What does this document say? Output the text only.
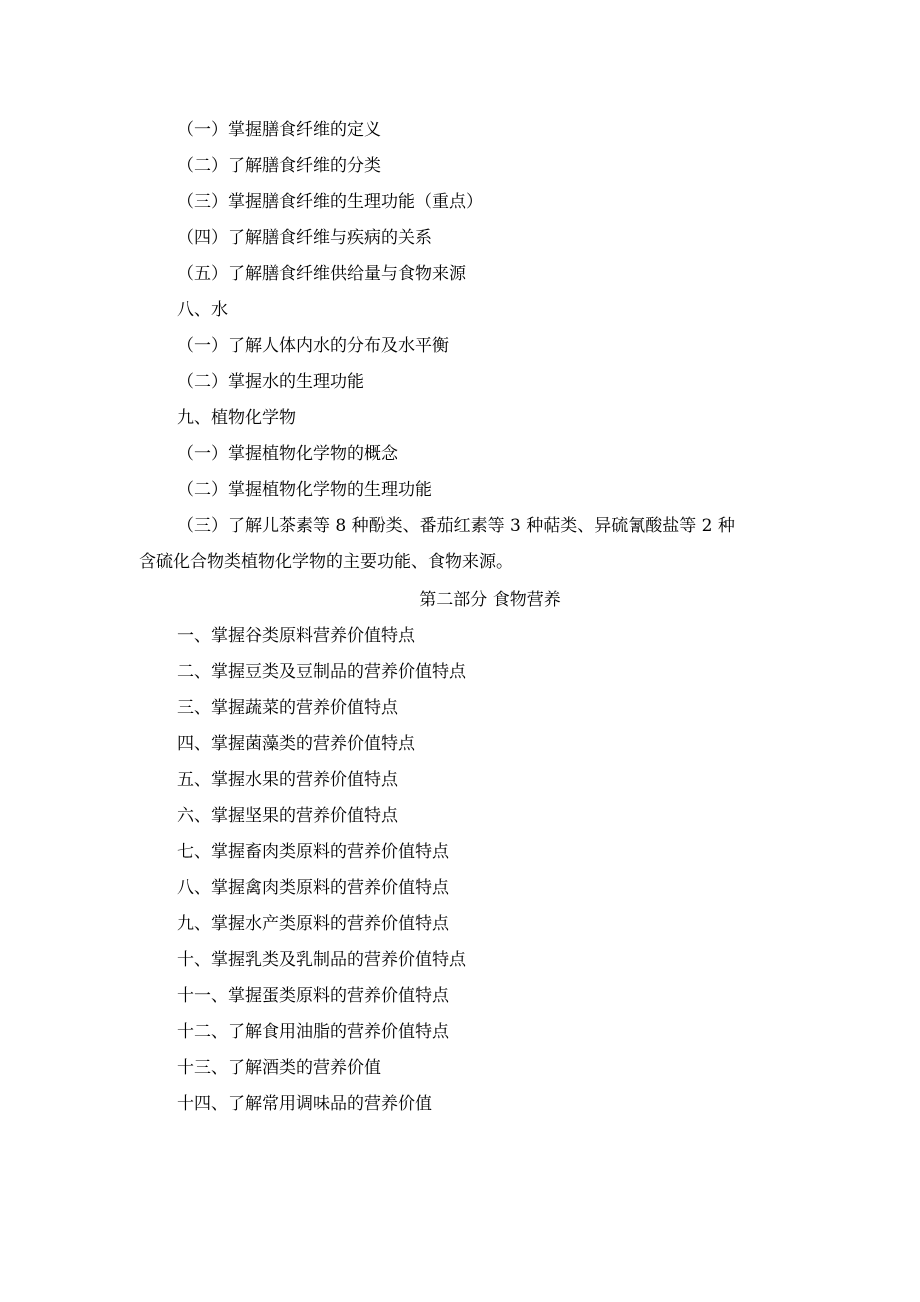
（一）掌握膳食纤维的定义
（二）了解膳食纤维的分类
（三）掌握膳食纤维的生理功能（重点）
（四）了解膳食纤维与疾病的关系
（五）了解膳食纤维供给量与食物来源
八、水
（一）了解人体内水的分布及水平衡
（二）掌握水的生理功能
九、植物化学物
（一）掌握植物化学物的概念
（二）掌握植物化学物的生理功能
（三）了解儿茶素等 8 种酚类、番茄红素等 3 种萜类、异硫氰酸盐等 2 种
含硫化合物类植物化学物的主要功能、食物来源。
第二部分 食物营养
一、掌握谷类原料营养价值特点
二、掌握豆类及豆制品的营养价值特点
三、掌握蔬菜的营养价值特点
四、掌握菌藻类的营养价值特点
五、掌握水果的营养价值特点
六、掌握坚果的营养价值特点
七、掌握畜肉类原料的营养价值特点
八、掌握禽肉类原料的营养价值特点
九、掌握水产类原料的营养价值特点
十、掌握乳类及乳制品的营养价值特点
十一、掌握蛋类原料的营养价值特点
十二、了解食用油脂的营养价值特点
十三、了解酒类的营养价值
十四、了解常用调味品的营养价值
